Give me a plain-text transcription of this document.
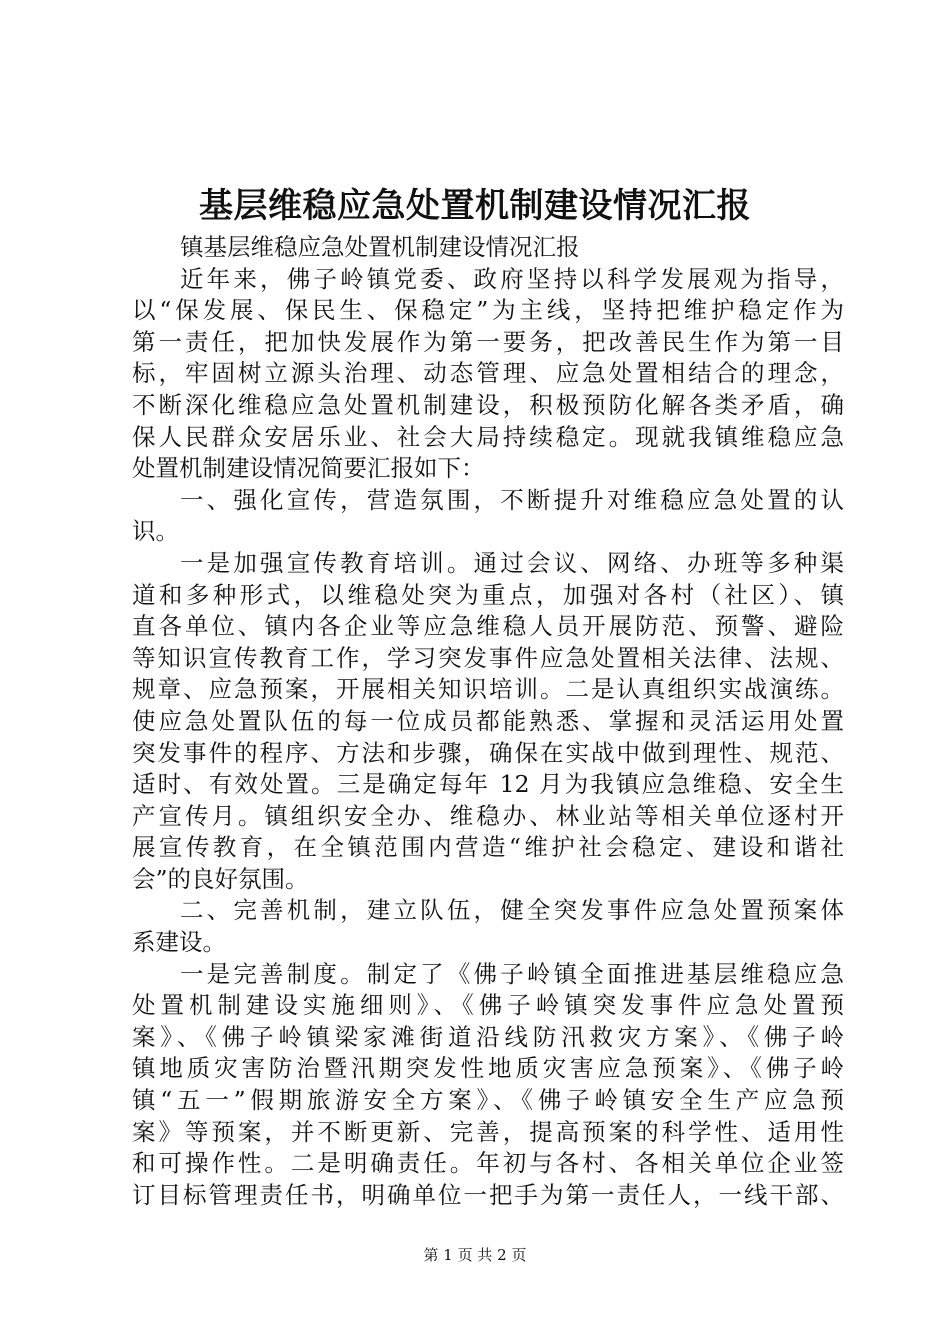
基层维稳应急处置机制建设情况汇报
镇基层维稳应急处置机制建设情况汇报
近年来，佛子岭镇党委、政府坚持以科学发展观为指导，
以“保发展、保民生、保稳定”为主线，坚持把维护稳定作为
第一责任，把加快发展作为第一要务，把改善民生作为第一目
标，牢固树立源头治理、动态管理、应急处置相结合的理念，
不断深化维稳应急处置机制建设，积极预防化解各类矛盾，确
保人民群众安居乐业、社会大局持续稳定。现就我镇维稳应急
处置机制建设情况简要汇报如下：
一、强化宣传，营造氛围，不断提升对维稳应急处置的认
识。
一是加强宣传教育培训。通过会议、网络、办班等多种渠
道和多种形式，以维稳处突为重点，加强对各村（社区）、镇
直各单位、镇内各企业等应急维稳人员开展防范、预警、避险
等知识宣传教育工作，学习突发事件应急处置相关法律、法规、
规章、应急预案，开展相关知识培训。二是认真组织实战演练。
使应急处置队伍的每一位成员都能熟悉、掌握和灵活运用处置
突发事件的程序、方法和步骤，确保在实战中做到理性、规范、
适时、有效处置。三是确定每年 12 月为我镇应急维稳、安全生
产宣传月。镇组织安全办、维稳办、林业站等相关单位逐村开
展宣传教育，在全镇范围内营造“维护社会稳定、建设和谐社
会”的良好氛围。
二、完善机制，建立队伍，健全突发事件应急处置预案体
系建设。
一是完善制度。制定了《佛子岭镇全面推进基层维稳应急
处置机制建设实施细则》、《佛子岭镇突发事件应急处置预
案》、《佛子岭镇梁家滩街道沿线防汛救灾方案》、《佛子岭
镇地质灾害防治暨汛期突发性地质灾害应急预案》、《佛子岭
镇“五一”假期旅游安全方案》、《佛子岭镇安全生产应急预
案》等预案，并不断更新、完善，提高预案的科学性、适用性
和可操作性。二是明确责任。年初与各村、各相关单位企业签
订目标管理责任书，明确单位一把手为第一责任人，一线干部、
第 1 页 共 2 页
